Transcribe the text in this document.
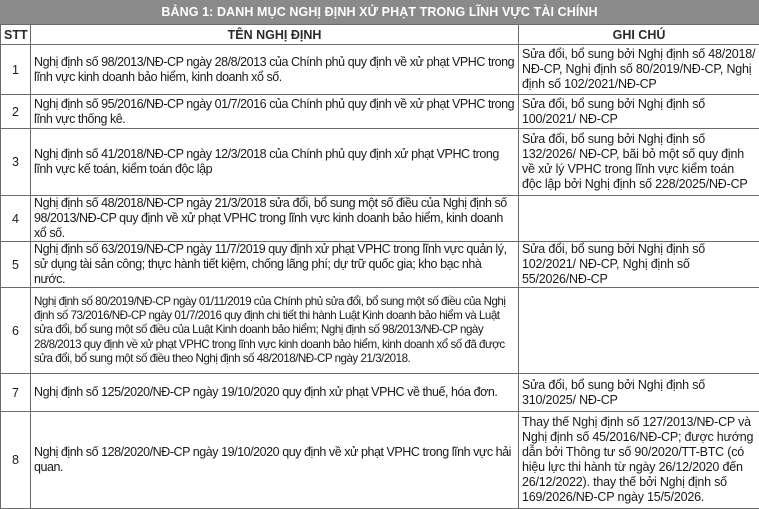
BẢNG 1: DANH MỤC NGHỊ ĐỊNH XỬ PHẠT TRONG LĨNH VỰC TÀI CHÍNH
STT	TÊN NGHỊ ĐỊNH	GHI CHÚ
1	Nghị định số 98/2013/NĐ-CP ngày 28/8/2013 của Chính phủ quy định về xử phạt VPHC trong lĩnh vực kinh doanh bảo hiểm, kinh doanh xổ số.	Sửa đổi, bổ sung bởi Nghị định số 48/2018/ NĐ-CP, Nghị định số 80/2019/NĐ-CP, Nghị định số 102/2021/NĐ-CP
2	Nghị định số 95/2016/NĐ-CP ngày 01/7/2016 của Chính phủ quy định về xử phạt VPHC trong lĩnh vực thống kê.	Sửa đổi, bổ sung bởi Nghị định số 100/2021/ NĐ-CP
3	Nghị định số 41/2018/NĐ-CP ngày 12/3/2018 của Chính phủ quy định xử phạt VPHC trong lĩnh vực kế toán, kiểm toán độc lập	Sửa đổi, bổ sung bởi Nghị định số 132/2026/ NĐ-CP, bãi bỏ một số quy định về xử lý VPHC trong lĩnh vực kiểm toán độc lập bởi Nghị định số 228/2025/NĐ-CP
4	Nghị định số 48/2018/NĐ-CP ngày 21/3/2018 sửa đổi, bổ sung một số điều của Nghị định số 98/2013/NĐ-CP quy định về xử phạt VPHC trong lĩnh vực kinh doanh bảo hiểm, kinh doanh xổ số.	
5	Nghị định số 63/2019/NĐ-CP ngày 11/7/2019 quy định xử phạt VPHC trong lĩnh vực quản lý, sử dụng tài sản công; thực hành tiết kiệm, chống lãng phí; dự trữ quốc gia; kho bạc nhà nước.	Sửa đổi, bổ sung bởi Nghị định số 102/2021/ NĐ-CP, Nghị định số 55/2026/NĐ-CP
6	Nghị định số 80/2019/NĐ-CP ngày 01/11/2019 của Chính phủ sửa đổi, bổ sung một số điều của Nghị định số 73/2016/NĐ-CP ngày 01/7/2016 quy định chi tiết thi hành Luật Kinh doanh bảo hiểm và Luật sửa đổi, bổ sung một số điều của Luật Kinh doanh bảo hiểm; Nghị định số 98/2013/NĐ-CP ngày 28/8/2013 quy định về xử phạt VPHC trong lĩnh vực kinh doanh bảo hiểm, kinh doanh xổ số đã được sửa đổi, bổ sung một số điều theo Nghị định số 48/2018/NĐ-CP ngày 21/3/2018.	
7	Nghị định số 125/2020/NĐ-CP ngày 19/10/2020 quy định xử phạt VPHC về thuế, hóa đơn.	Sửa đổi, bổ sung bởi Nghị định số 310/2025/ NĐ-CP
8	Nghị định số 128/2020/NĐ-CP ngày 19/10/2020 quy định về xử phạt VPHC trong lĩnh vực hải quan.	Thay thế Nghị định số 127/2013/NĐ-CP và Nghị định số 45/2016/NĐ-CP; được hướng dẫn bởi Thông tư số 90/2020/TT-BTC (có hiệu lực thi hành từ ngày 26/12/2020 đến 26/12/2022). thay thế bởi Nghị định số 169/2026/NĐ-CP ngày 15/5/2026.
